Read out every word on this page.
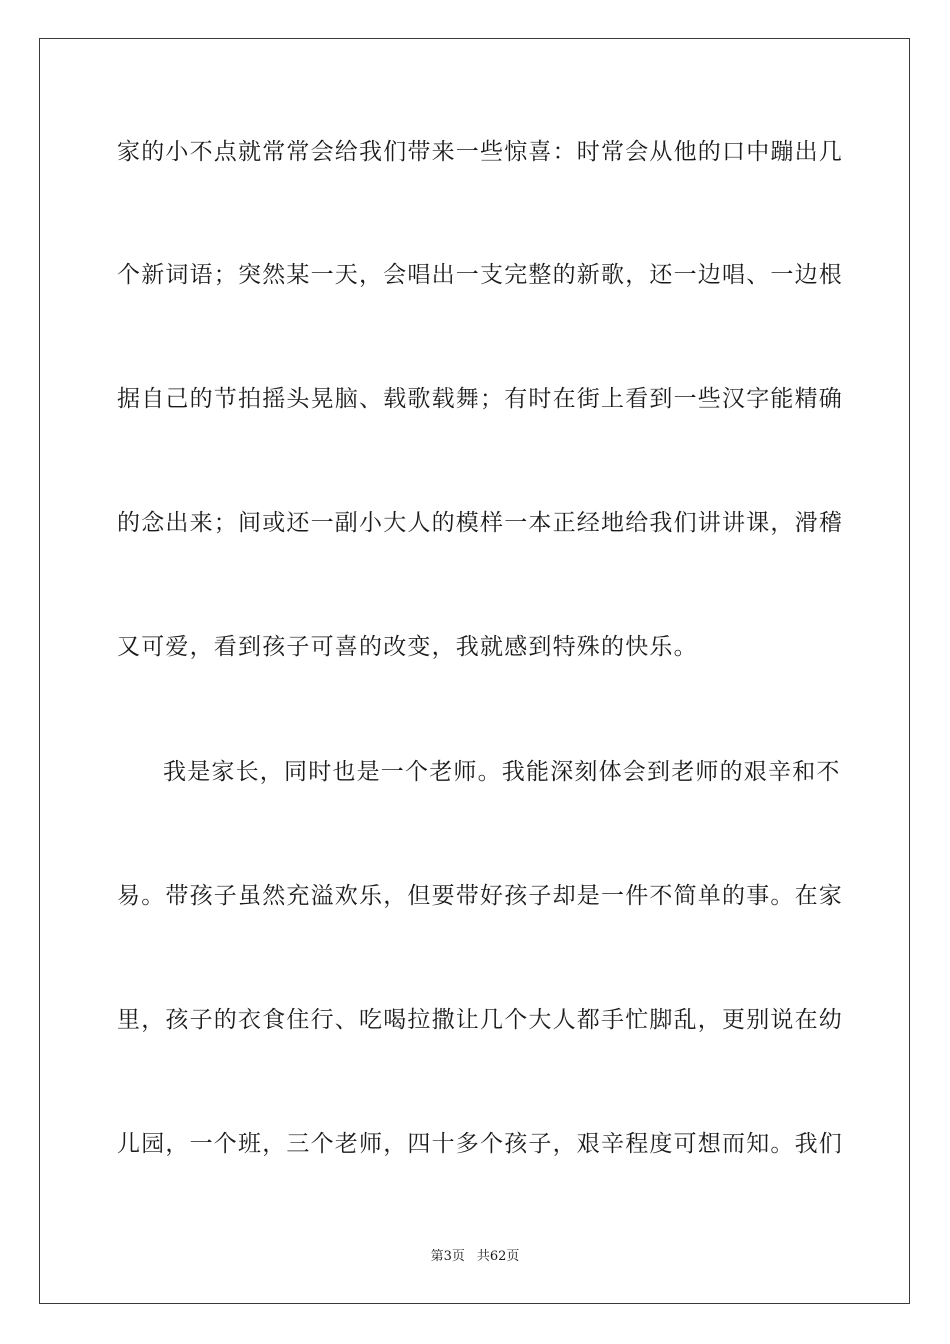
家的小不点就常常会给我们带来一些惊喜：时常会从他的口中蹦出几
个新词语；突然某一天，会唱出一支完整的新歌，还一边唱、一边根
据自己的节拍摇头晃脑、载歌载舞；有时在街上看到一些汉字能精确
的念出来；间或还一副小大人的模样一本正经地给我们讲讲课，滑稽
又可爱，看到孩子可喜的改变，我就感到特殊的快乐。
我是家长，同时也是一个老师。我能深刻体会到老师的艰辛和不
易。带孩子虽然充溢欢乐，但要带好孩子却是一件不简单的事。在家
里，孩子的衣食住行、吃喝拉撒让几个大人都手忙脚乱，更别说在幼
儿园，一个班，三个老师，四十多个孩子，艰辛程度可想而知。我们
第3页 共62页
